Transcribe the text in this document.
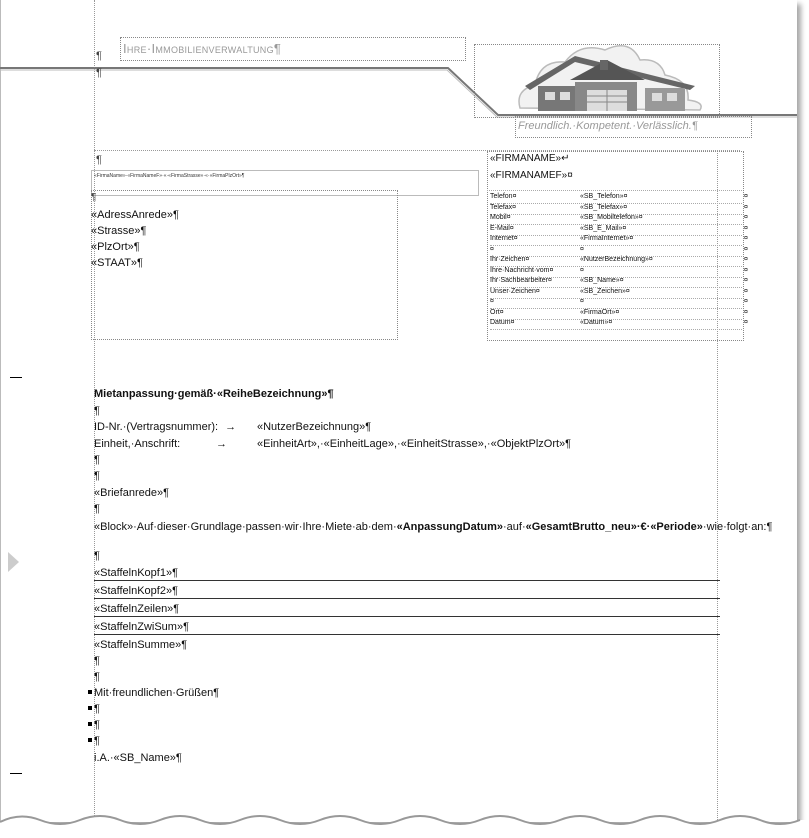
Ihre·Immobilienverwaltung¶
Freundlich.·Kompetent.·Verlässlich.¶
¶
¶
¶
«FirmaName»·«FirmaNameF»·«·«FirmaStrasse»·«·«FirmaPlzOrt»¶
¶
«AdressAnrede»¶
«Strasse»¶
«PlzOrt»¶
«STAAT»¶
«FIRMANAME»↵
«FIRMANAMEF»¤
Telefon¤	«SB_Telefon»¤	¤
Telefax¤	«SB_Telefax»¤	¤
Mobil¤	«SB_Mobiltelefon»¤	¤
E-Mail¤	«SB_E_Mail»¤	¤
Internet¤	«FirmaInternet»¤	¤
¤	¤	¤
Ihr·Zeichen¤	«NutzerBezeichnung»¤	¤
Ihre·Nachricht·vom¤	¤	¤
Ihr·Sachbearbeiter¤	«SB_Name»¤	¤
Unser·Zeichen¤	«SB_Zeichen»¤	¤
¤	¤	¤
Ort¤	«FirmaOrt»¤	¤
Datum¤	«Datum»¤	¤
Mietanpassung·gemäß·«ReiheBezeichnung»¶
¶
ID-Nr.·(Vertragsnummer): → «NutzerBezeichnung»¶
Einheit,·Anschrift:	→	«EinheitArt»,·«EinheitLage»,·«EinheitStrasse»,·«ObjektPlzOrt»¶
¶
¶
«Briefanrede»¶
¶
«Block»·Auf·dieser·Grundlage·passen·wir·Ihre·Miete·ab·dem·«AnpassungDatum»·auf·«GesamtBrutto_neu»·€·«Periode»·wie·folgt·an:¶
¶
«StaffelnKopf1»¶
«StaffelnKopf2»¶
«StaffelnZeilen»¶
«StaffelnZwiSum»¶
«StaffelnSumme»¶
¶
¶
Mit·freundlichen·Grüßen¶
¶
¶
¶
i.A.·«SB_Name»¶
